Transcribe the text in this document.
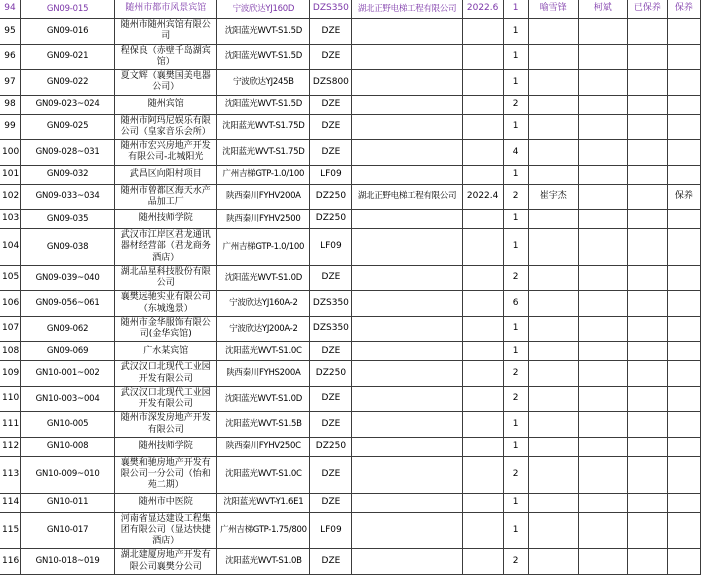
94	GN09-015	随州市都市风景宾馆	宁波欣达YJ160D	DZS350	湖北正野电梯工程有限公司	2022.6	1	喻雪锋	柯斌	已保养	保养
95	GN09-016	随州市随州宾馆有限公司	沈阳蓝光WVT-S1.5D	DZE			1				
96	GN09-021	程保良（赤壁千岛湖宾馆）	沈阳蓝光WVT-S1.5D	DZE			1				
97	GN09-022	夏文辉（襄樊国美电器公司）	宁波欣达YJ245B	DZS800			1				
98	GN09-023~024	随州宾馆	沈阳蓝光WVT-S1.5D	DZE			2				
99	GN09-025	随州市阿玛尼娱乐有限公司（皇家音乐会所）	沈阳蓝光WVT-S1.75D	DZE			1				
100	GN09-028~031	随州市宏兴房地产开发有限公司-北城阳光	沈阳蓝光WVT-S1.75D	DZE			4				
101	GN09-032	武昌区向阳村项目	广州吉梯GTP-1.0/100	LF09			1				
102	GN09-033~034	随州市曾都区海天水产品加工厂	陕西秦川FYHV200A	DZ250	湖北正野电梯工程有限公司	2022.4	2	崔宇杰			保养
103	GN09-035	随州技师学院	陕西秦川FYHV2500	DZ250			1				
104	GN09-038	武汉市江岸区君龙通讯器材经营部（君龙商务酒店）	广州吉梯GTP-1.0/100	LF09			1				
105	GN09-039~040	湖北品星科技股份有限公司	沈阳蓝光WVT-S1.0D	DZE			2				
106	GN09-056~061	襄樊远驰实业有限公司（东城逸景）	宁波欣达YJ160A-2	DZS350			6				
107	GN09-062	随州市金华服饰有限公司(金华宾馆)	宁波欣达YJ200A-2	DZS350			1				
108	GN09-069	广水某宾馆	沈阳蓝光WVT-S1.0C	DZE			1				
109	GN10-001~002	武汉汉口北现代工业园开发有限公司	陕西秦川FYHS200A	DZ250			2				
110	GN10-003~004	武汉汉口北现代工业园开发有限公司	沈阳蓝光WVT-S1.0D	DZE			2				
111	GN10-005	随州市深发房地产开发有限公司	沈阳蓝光WVT-S1.5B	DZE			1				
112	GN10-008	随州技师学院	陕西秦川FYHV250C	DZ250			1				
113	GN10-009~010	襄樊和驰房地产开发有限公司一分公司（怡和苑二期）	沈阳蓝光WVT-S1.0C	DZE			2				
114	GN10-011	随州市中医院	沈阳蓝光WVT-Y1.6E1	DZE			1				
115	GN10-017	河南省显达建设工程集团有限公司（显达快捷酒店）	广州吉梯GTP-1.75/800	LF09			1				
116	GN10-018~019	湖北建厦房地产开发有限公司襄樊分公司	沈阳蓝光WVT-S1.0B	DZE			2				
